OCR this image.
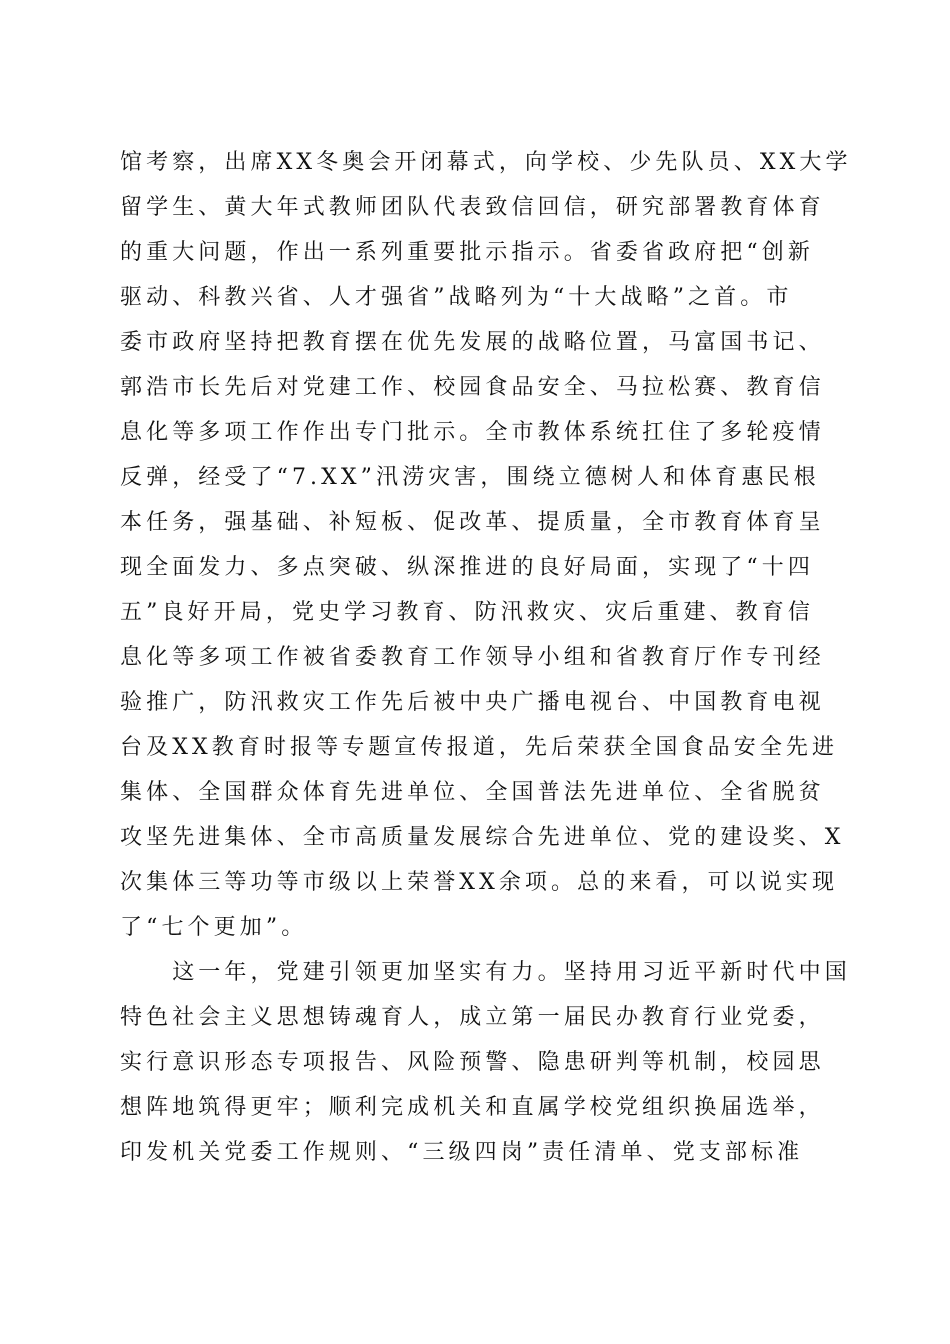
馆考察，出席XX冬奥会开闭幕式，向学校、少先队员、XX大学
留学生、黄大年式教师团队代表致信回信，研究部署教育体育
的重大问题，作出一系列重要批示指示。省委省政府把“创新
驱动、科教兴省、人才强省”战略列为“十大战略”之首。市
委市政府坚持把教育摆在优先发展的战略位置，马富国书记、
郭浩市长先后对党建工作、校园食品安全、马拉松赛、教育信
息化等多项工作作出专门批示。全市教体系统扛住了多轮疫情
反弹，经受了“7.XX”汛涝灾害，围绕立德树人和体育惠民根
本任务，强基础、补短板、促改革、提质量，全市教育体育呈
现全面发力、多点突破、纵深推进的良好局面，实现了“十四
五”良好开局，党史学习教育、防汛救灾、灾后重建、教育信
息化等多项工作被省委教育工作领导小组和省教育厅作专刊经
验推广，防汛救灾工作先后被中央广播电视台、中国教育电视
台及XX教育时报等专题宣传报道，先后荣获全国食品安全先进
集体、全国群众体育先进单位、全国普法先进单位、全省脱贫
攻坚先进集体、全市高质量发展综合先进单位、党的建设奖、X
次集体三等功等市级以上荣誉XX余项。总的来看，可以说实现
了“七个更加”。
　　这一年，党建引领更加坚实有力。坚持用习近平新时代中国
特色社会主义思想铸魂育人，成立第一届民办教育行业党委，
实行意识形态专项报告、风险预警、隐患研判等机制，校园思
想阵地筑得更牢；顺利完成机关和直属学校党组织换届选举，
印发机关党委工作规则、“三级四岗”责任清单、党支部标准
